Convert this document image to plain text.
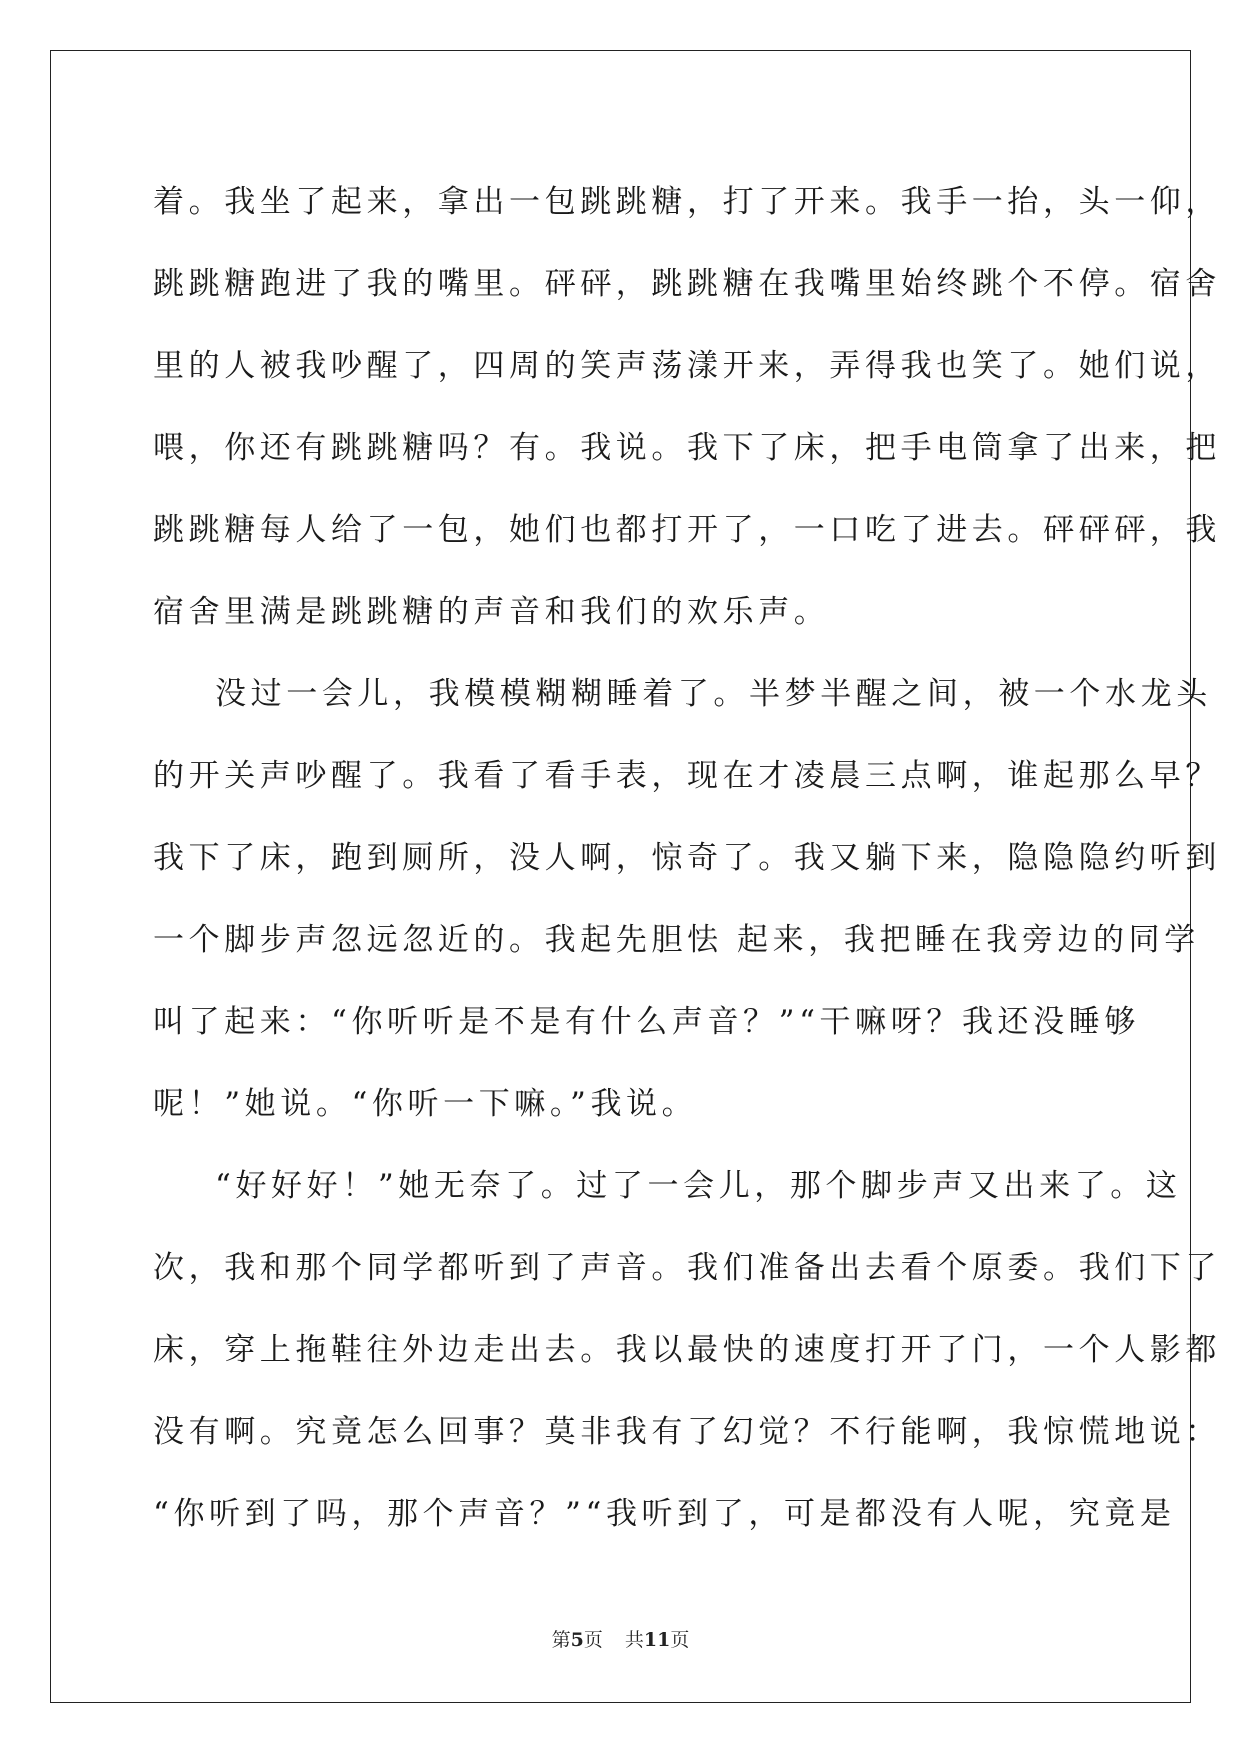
着。我坐了起来，拿出一包跳跳糖，打了开来。我手一抬，头一仰，
跳跳糖跑进了我的嘴里。砰砰，跳跳糖在我嘴里始终跳个不停。宿舍
里的人被我吵醒了，四周的笑声荡漾开来，弄得我也笑了。她们说，
喂，你还有跳跳糖吗？有。我说。我下了床，把手电筒拿了出来，把
跳跳糖每人给了一包，她们也都打开了，一口吃了进去。砰砰砰，我
宿舍里满是跳跳糖的声音和我们的欢乐声。
没过一会儿，我模模糊糊睡着了。半梦半醒之间，被一个水龙头
的开关声吵醒了。我看了看手表，现在才凌晨三点啊，谁起那么早？
我下了床，跑到厕所，没人啊，惊奇了。我又躺下来，隐隐隐约听到
一个脚步声忽远忽近的。我起先胆怯 起来，我把睡在我旁边的同学
叫了起来：“你听听是不是有什么声音？”“干嘛呀？我还没睡够
呢！”她说。“你听一下嘛。”我说。
“好好好！”她无奈了。过了一会儿，那个脚步声又出来了。这
次，我和那个同学都听到了声音。我们准备出去看个原委。我们下了
床，穿上拖鞋往外边走出去。我以最快的速度打开了门，一个人影都
没有啊。究竟怎么回事？莫非我有了幻觉？不行能啊，我惊慌地说：
“你听到了吗，那个声音？”“我听到了，可是都没有人呢，究竟是
第5页 共11页
